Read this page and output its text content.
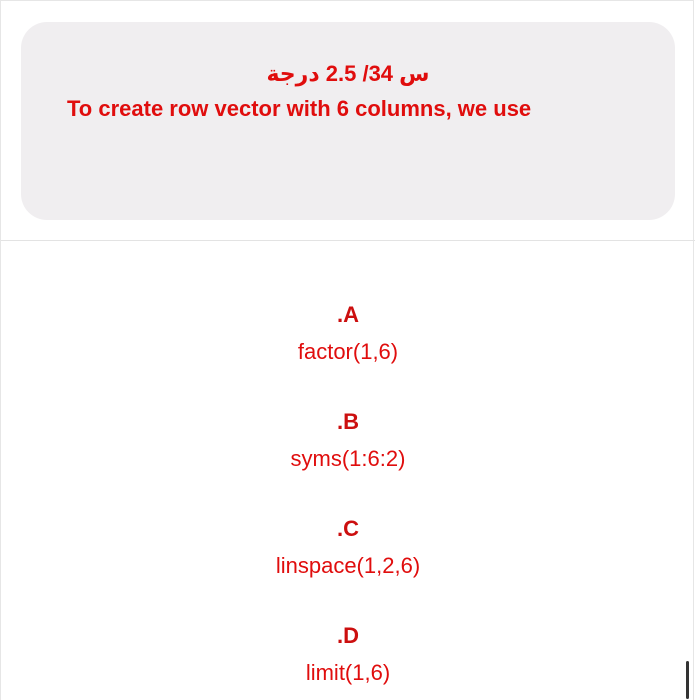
س 34/ 2.5 درجة
To create row vector with 6 columns, we use
.A
factor(1,6)
.B
syms(1:6:2)
.C
linspace(1,2,6)
.D
limit(1,6)
